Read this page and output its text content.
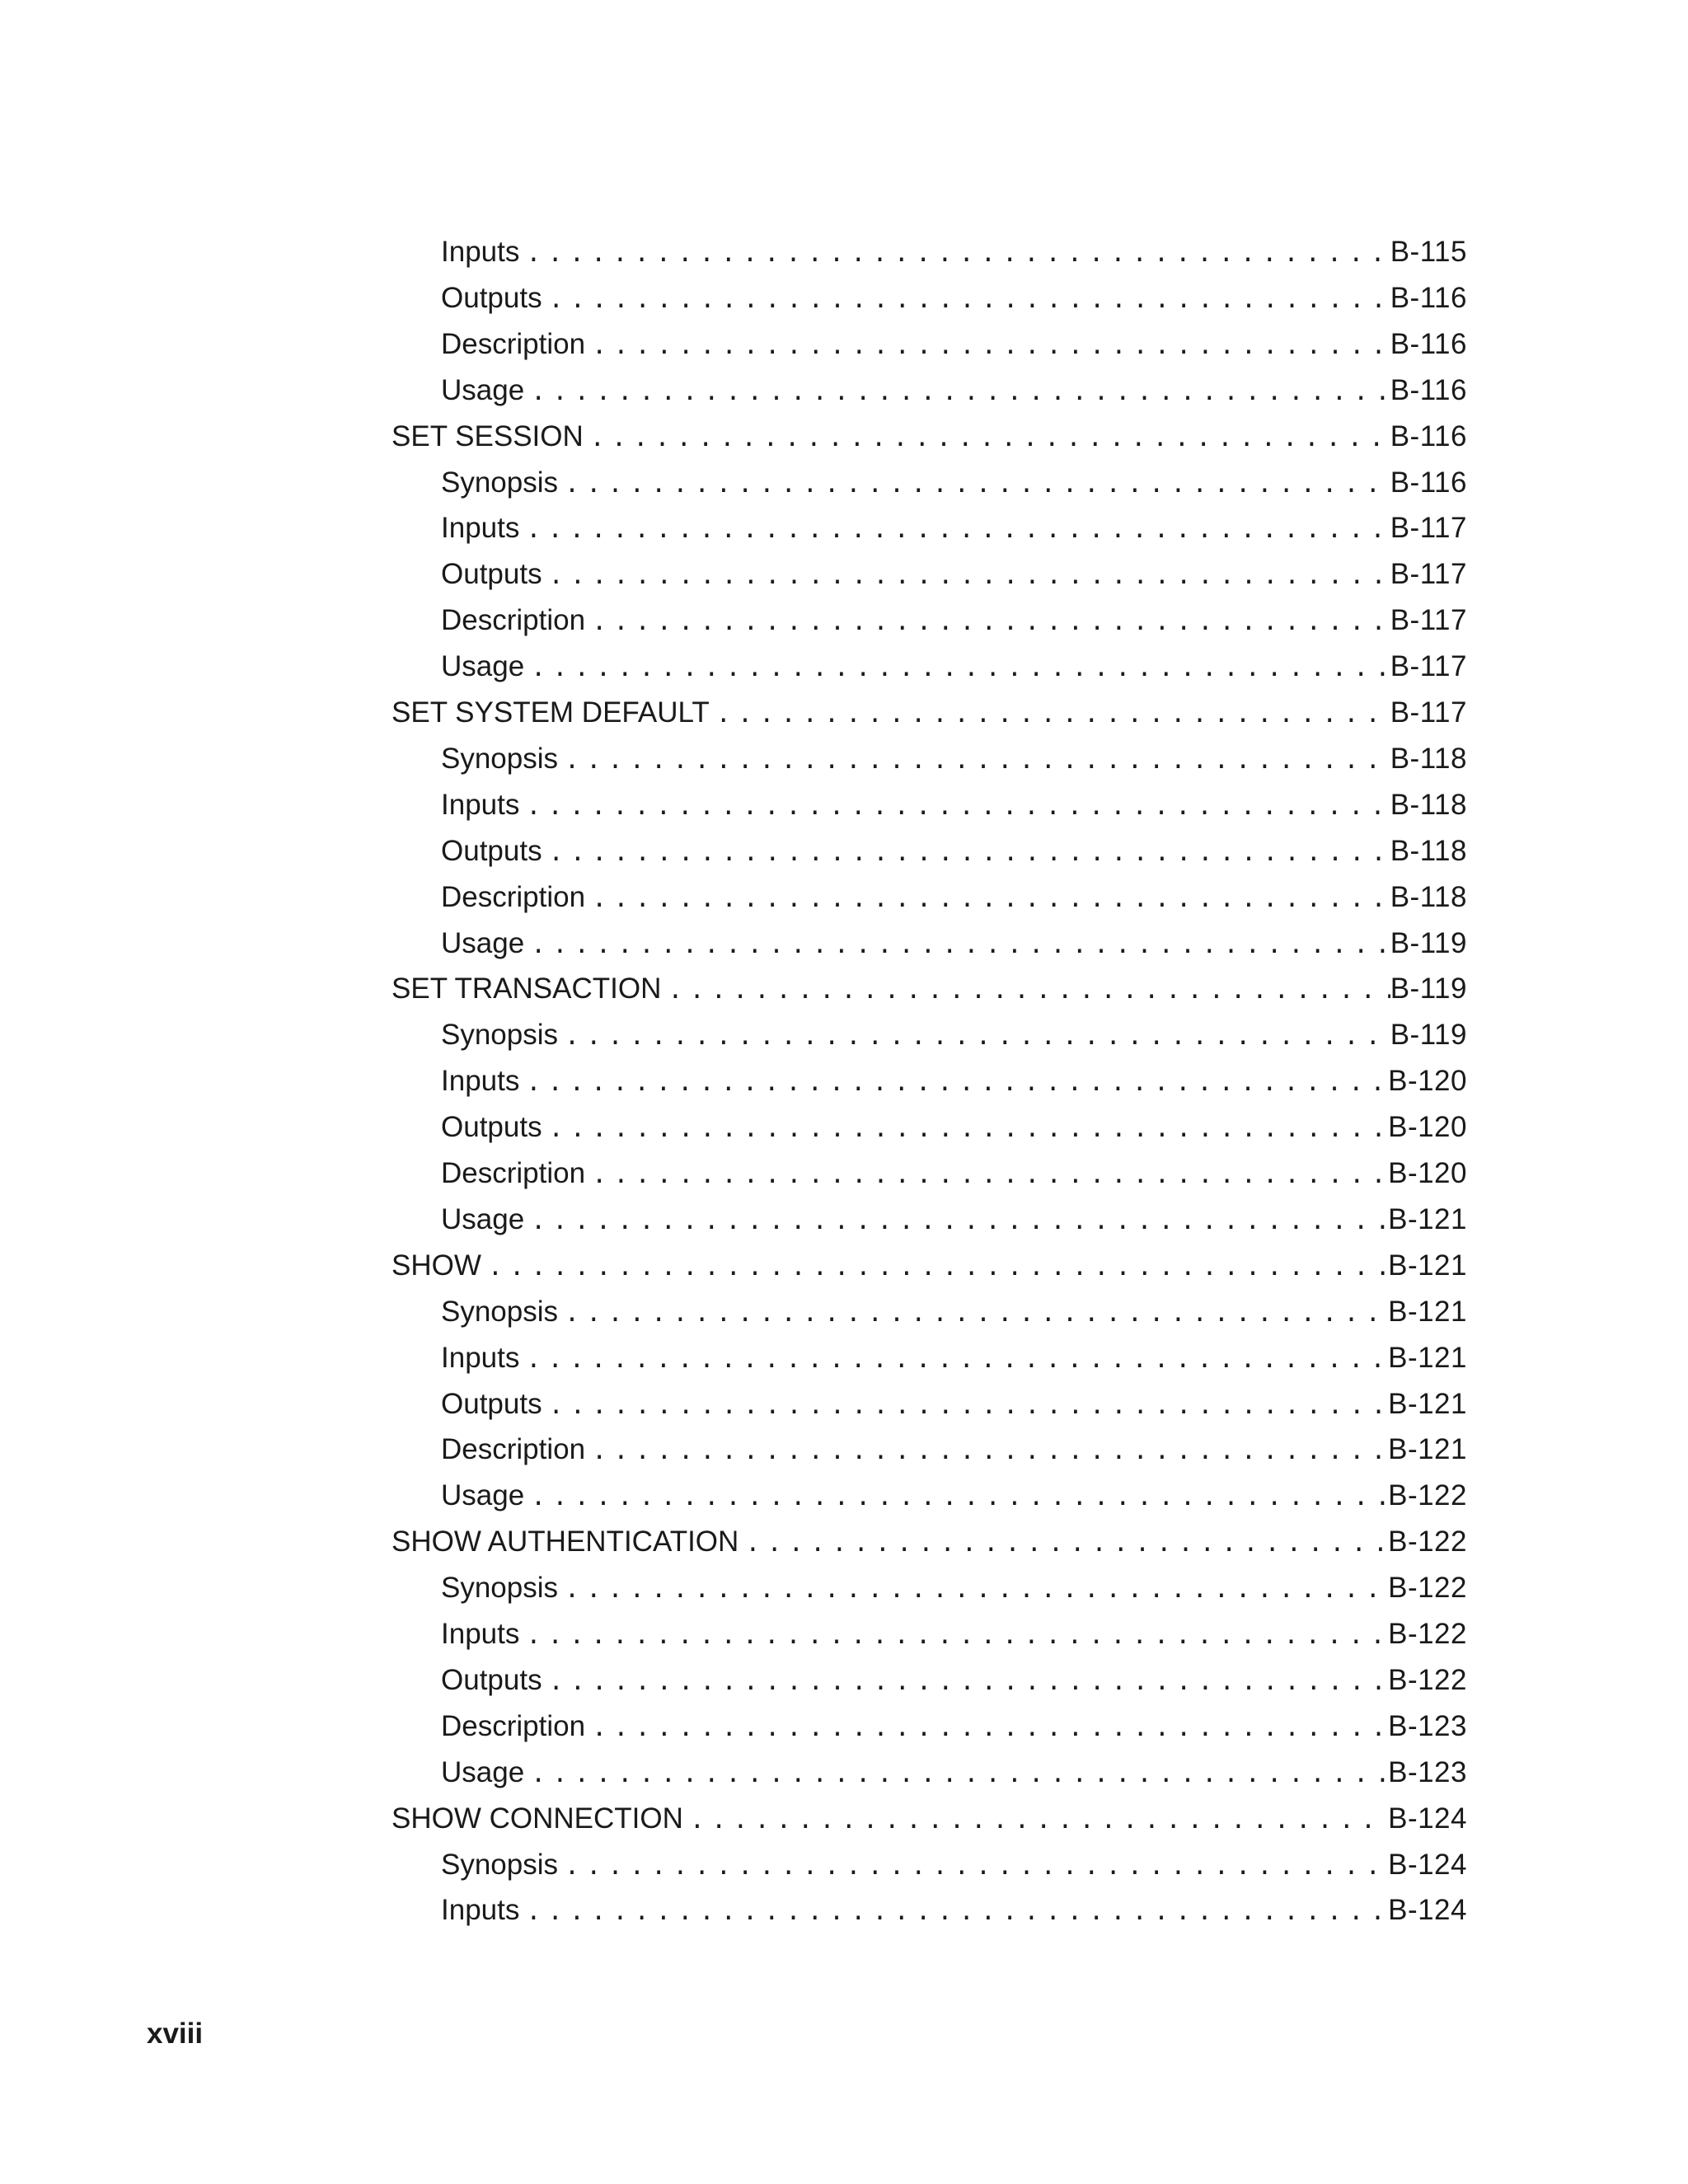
Inputs .....	B-115
Outputs .....	B-116
Description .....	B-116
Usage .....	B-116
SET SESSION .....	B-116
Synopsis .....	B-116
Inputs .....	B-117
Outputs .....	B-117
Description .....	B-117
Usage .....	B-117
SET SYSTEM DEFAULT .....	B-117
Synopsis .....	B-118
Inputs .....	B-118
Outputs .....	B-118
Description .....	B-118
Usage .....	B-119
SET TRANSACTION .....	B-119
Synopsis .....	B-119
Inputs .....	B-120
Outputs .....	B-120
Description .....	B-120
Usage .....	B-121
SHOW .....	B-121
Synopsis .....	B-121
Inputs .....	B-121
Outputs .....	B-121
Description .....	B-121
Usage .....	B-122
SHOW AUTHENTICATION .....	B-122
Synopsis .....	B-122
Inputs .....	B-122
Outputs .....	B-122
Description .....	B-123
Usage .....	B-123
SHOW CONNECTION .....	B-124
Synopsis .....	B-124
Inputs .....	B-124
xviii
